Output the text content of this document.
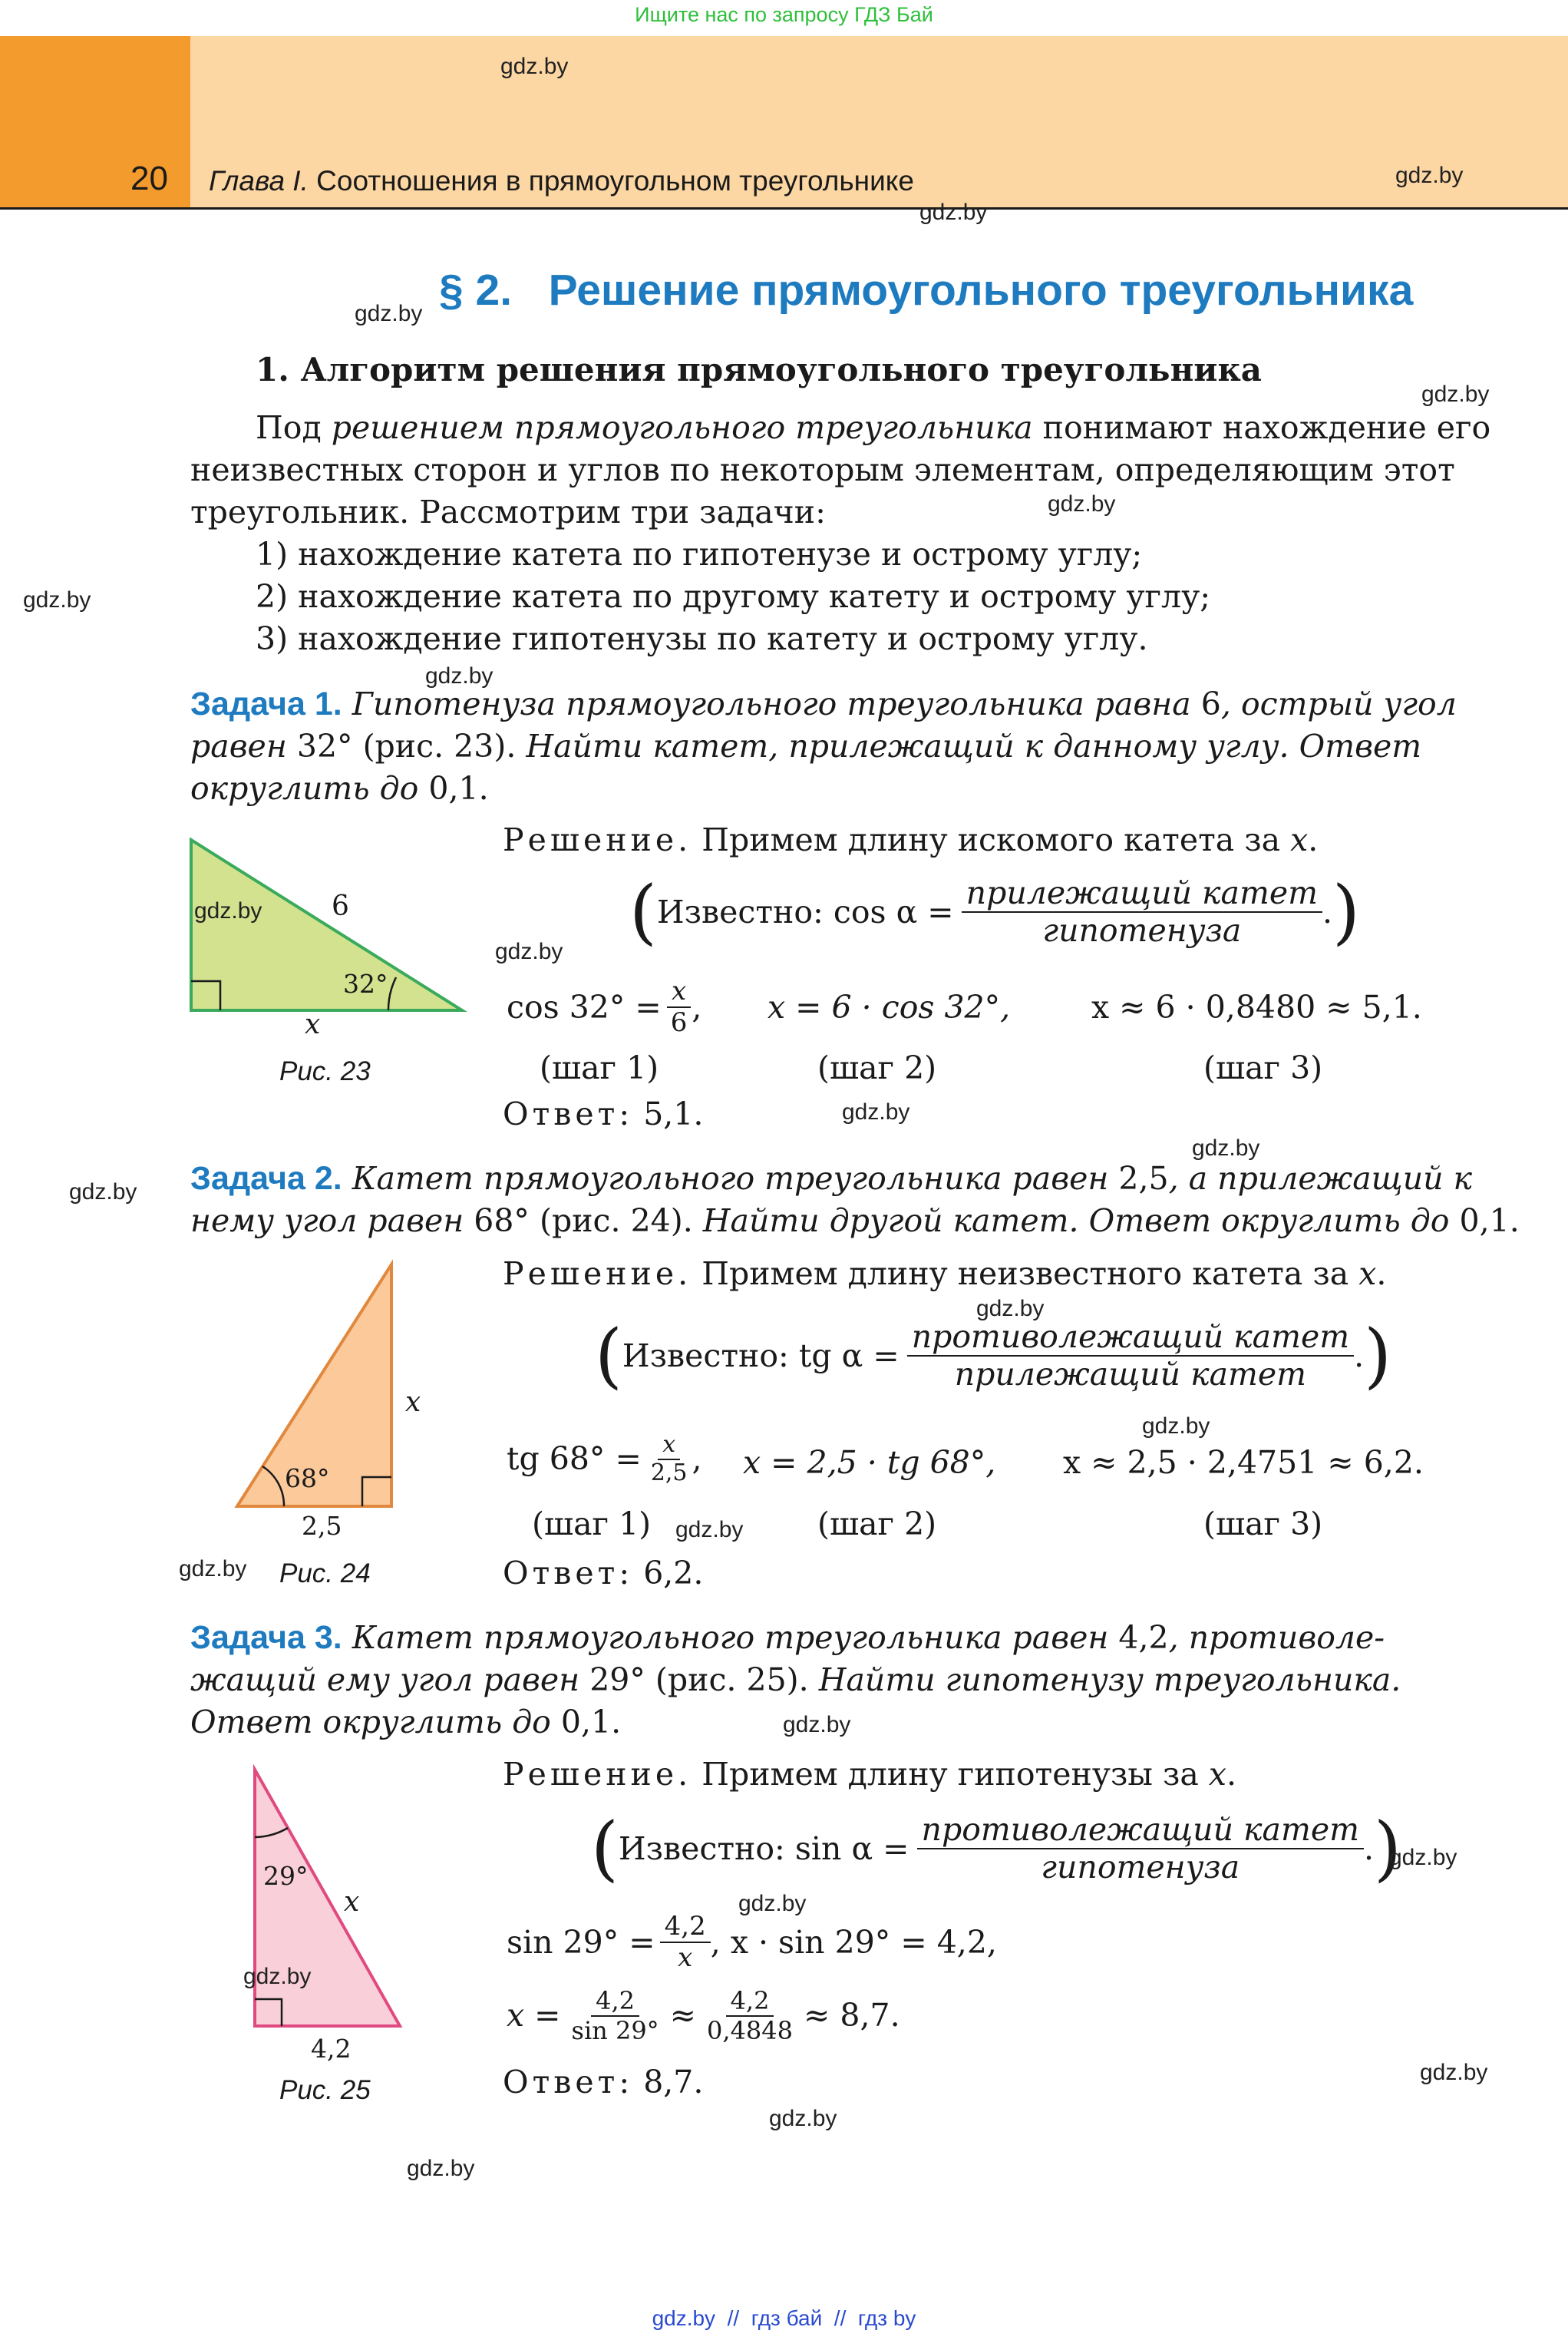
Ищите нас по запросу ГДЗ Бай
20 Глава I. Соотношения в прямоугольном треугольнике
§ 2. Решение прямоугольного треугольника
1. Алгоритм решения прямоугольного треугольника
Под решением прямоугольного треугольника понимают нахождение его
неизвестных сторон и углов по некоторым элементам, определяющим этот
треугольник. Рассмотрим три задачи:
1) нахождение катета по гипотенузе и острому углу;
2) нахождение катета по другому катету и острому углу;
3) нахождение гипотенузы по катету и острому углу.
Задача 1. Гипотенуза прямоугольного треугольника равна 6, острый угол
равен 32° (рис. 23). Найти катет, прилежащий к данному углу. Ответ
округлить до 0,1.
6
32°
x
Рис. 23
Решение. Примем длину искомого катета за x.
( Известно: $\cos \alpha = \frac{\text{прилежащий катет}}{\text{гипотенуза}}$ . )
$\cos 32^\circ = \frac{x}{6}$ , x = 6 · cos 32°,	x ≈ 6 · 0,8480 ≈ 5,1.
(шаг 1)	(шаг 2)	(шаг 3)
Ответ: 5,1.
Задача 2. Катет прямоугольного треугольника равен 2,5, а прилежащий к
нему угол равен 68° (рис. 24). Найти другой катет. Ответ округлить до 0,1.
x
68°
2,5
Рис. 24
Решение. Примем длину неизвестного катета за x.
( Известно: tg $\alpha = \frac{\text{противолежащий катет}}{\text{прилежащий катет}}$ . )
tg $68^\circ = \frac{x}{2,5}$ , x = 2,5 · tg 68°, x ≈ 2,5 · 2,4751 ≈ 6,2.
(шаг 1)	(шаг 2)	(шаг 3)
Ответ: 6,2.
Задача 3. Катет прямоугольного треугольника равен 4,2, противоле-
жащий ему угол равен 29° (рис. 25). Найти гипотенузу треугольника.
Ответ округлить до 0,1.
29°
x
4,2
Рис. 25
Решение. Примем длину гипотенузы за x.
( Известно: $\sin \alpha = \frac{\text{противолежащий катет}}{\text{гипотенуза}}$ . )
$\sin 29^\circ = \frac{4,2}{x}$ , x · sin 29° = 4,2,
$x = \frac{4,2}{\sin 29^\circ} \approx \frac{4,2}{0,4848} \approx 8,7$.
Ответ: 8,7.
gdz.by
gdz.by
gdz.by
gdz.by
gdz.by
gdz.by
gdz.by
gdz.by
gdz.by
gdz.by
gdz.by
gdz.by
gdz.by
gdz.by
gdz.by
gdz.by
gdz.by
gdz.by
gdz.by
gdz.by
gdz.by
gdz.by
gdz.by
gdz.by
gdz.by  //  гдз бай  //  гдз by
